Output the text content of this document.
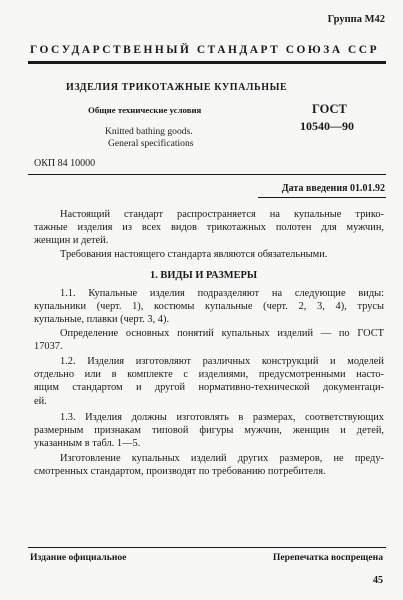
Группа М42
ГОСУДАРСТВЕННЫЙ СТАНДАРТ СОЮЗА ССР
ИЗДЕЛИЯ ТРИКОТАЖНЫЕ КУПАЛЬНЫЕ
Общие технические условия
Knitted bathing goods.
General specifications
ГОСТ
10540—90
ОКП 84 10000
Дата введения 01.01.92
Настоящий стандарт распространяется на купальные трико-
тажные изделия из всех видов трикотажных полотен для мужчин,
женщин и детей.
Требования настоящего стандарта являются обязательными.
1. ВИДЫ И РАЗМЕРЫ
1.1. Купальные изделия подразделяют на следующие виды:
купальники (черт. 1), костюмы купальные (черт. 2, 3, 4), трусы
купальные, плавки (черт. 3, 4).
Определение основных понятий купальных изделий — по ГОСТ
17037.
1.2. Изделия изготовляют различных конструкций и моделей
отдельно или в комплекте с изделиями, предусмотренными насто-
ящим стандартом и другой нормативно-технической документаци-
ей.
1.3. Изделия должны изготовлять в размерах, соответствующих
размерным признакам типовой фигуры мужчин, женщин и детей,
указанным в табл. 1—5.
Изготовление купальных изделий других размеров, не преду-
смотренных стандартом, производят по требованию потребителя.
Издание официальное	Перепечатка воспрещена
45
